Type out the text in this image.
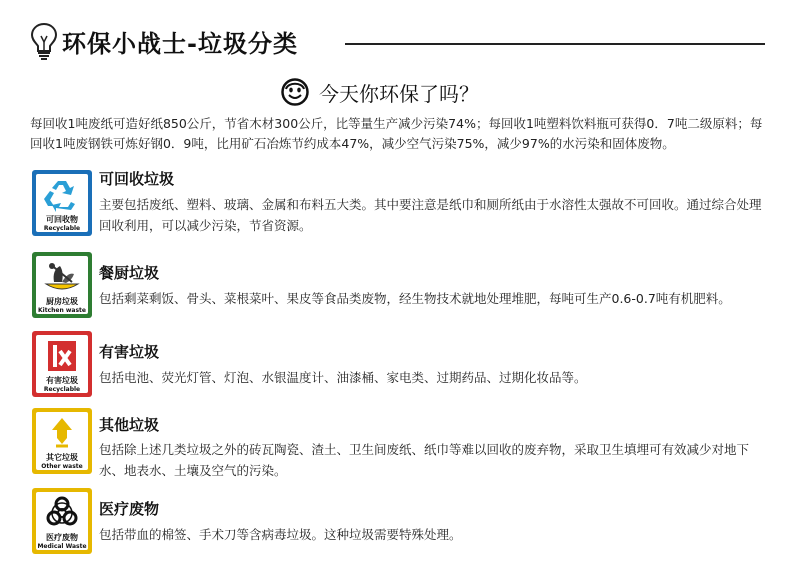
环保小战士-垃圾分类
今天你环保了吗？
每回收1吨废纸可造好纸850公斤，节省木材300公斤，比等量生产减少污染74%；每回收1吨塑料饮料瓶可获得0．7吨二级原料；每回收1吨废钢铁可炼好钢0．9吨，比用矿石冶炼节约成本47%，减少空气污染75%，减少97%的水污染和固体废物。
可回收物
Recyclable
可回收垃圾
主要包括废纸、塑料、玻璃、金属和布料五大类。其中要注意是纸巾和厕所纸由于水溶性太强故不可回收。通过综合处理回收利用，可以减少污染，节省资源。
厨房垃圾
Kitchen waste
餐厨垃圾
包括剩菜剩饭、骨头、菜根菜叶、果皮等食品类废物，经生物技术就地处理堆肥，每吨可生产0.6-0.7吨有机肥料。
有害垃圾
Recyclable
有害垃圾
包括电池、荧光灯管、灯泡、水银温度计、油漆桶、家电类、过期药品、过期化妆品等。
其它垃圾
Other waste
其他垃圾
包括除上述几类垃圾之外的砖瓦陶瓷、渣土、卫生间废纸、纸巾等难以回收的废弃物，采取卫生填埋可有效减少对地下水、地表水、土壤及空气的污染。
医疗废物
Medical Waste
医疗废物
包括带血的棉签、手术刀等含病毒垃圾。这种垃圾需要特殊处理。
